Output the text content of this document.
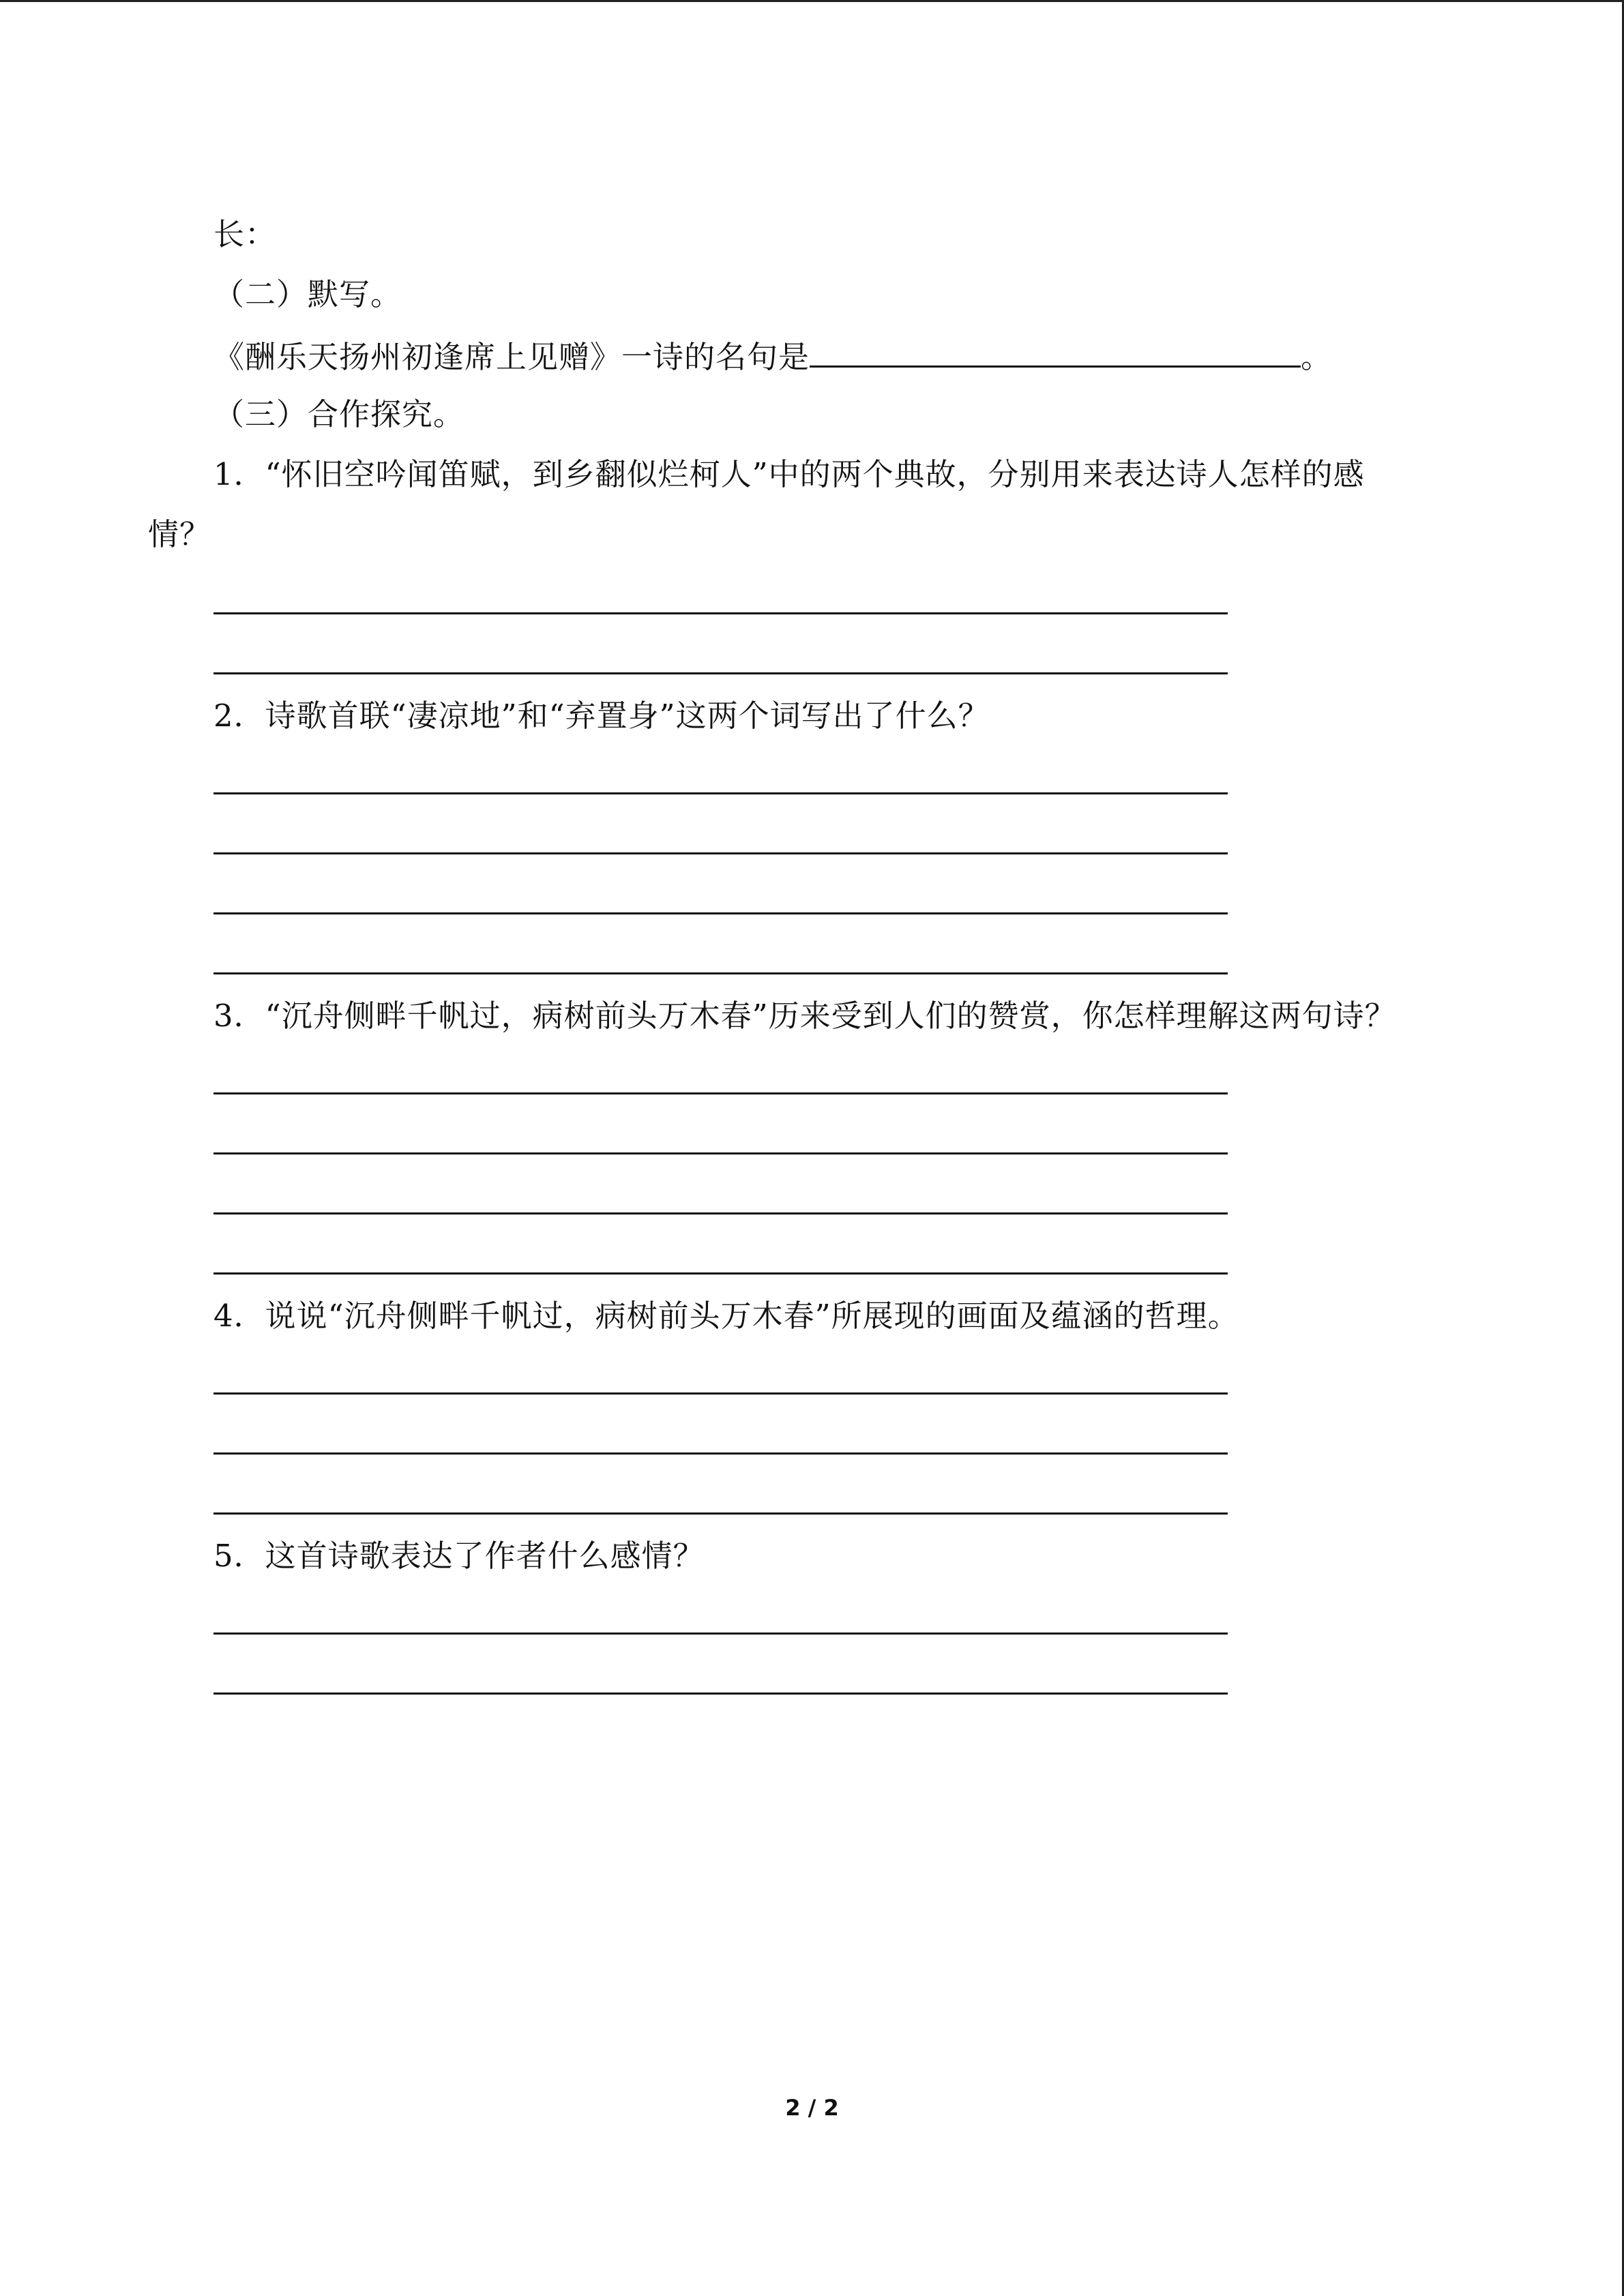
长：
（二）默写。
《酬乐天扬州初逢席上见赠》一诗的名句是	。
（三）合作探究。
1．“怀旧空吟闻笛赋，到乡翻似烂柯人”中的两个典故，分别用来表达诗人怎样的感
情？
2．诗歌首联“凄凉地”和“弃置身”这两个词写出了什么？
3．“沉舟侧畔千帆过，病树前头万木春”历来受到人们的赞赏，你怎样理解这两句诗？
4．说说“沉舟侧畔千帆过，病树前头万木春”所展现的画面及蕴涵的哲理。
5．这首诗歌表达了作者什么感情？
2 / 2
